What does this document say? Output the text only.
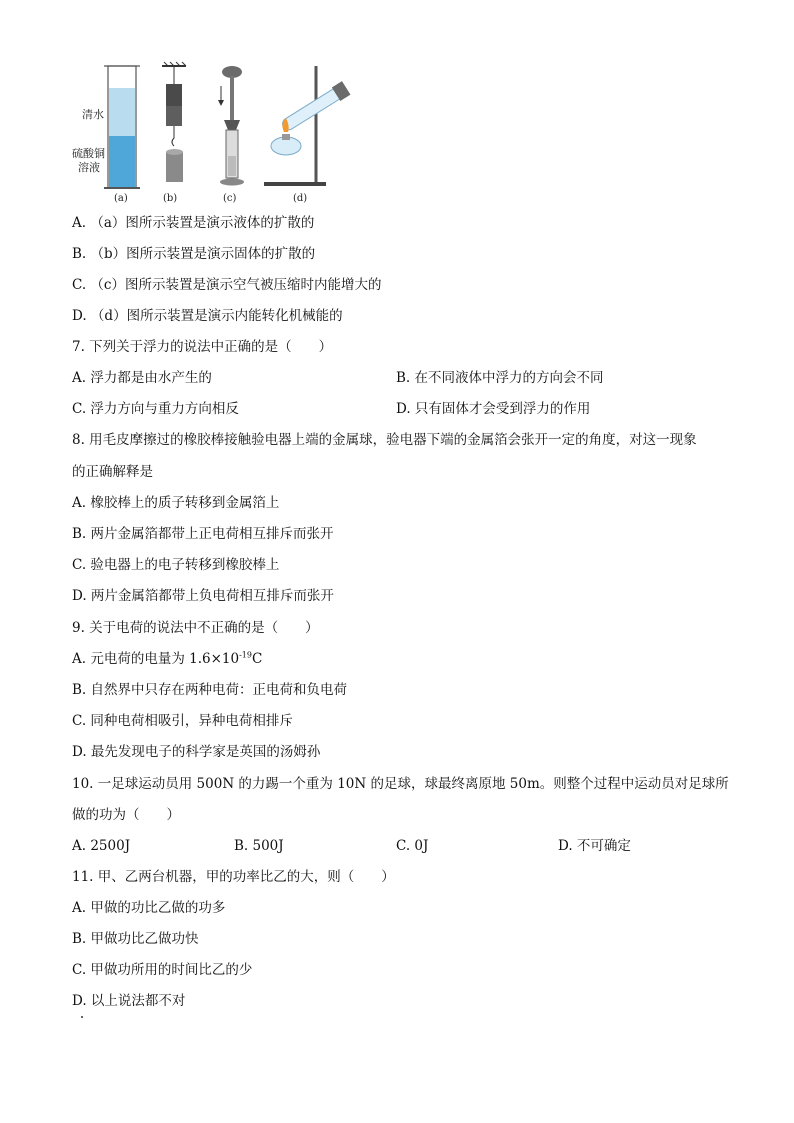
清水
硫酸铜
溶液
(a)	(b)	(c)	(d)
A. （a）图所示装置是演示液体的扩散的
B. （b）图所示装置是演示固体的扩散的
C. （c）图所示装置是演示空气被压缩时内能增大的
D. （d）图所示装置是演示内能转化机械能的
7. 下列关于浮力的说法中正确的是（　　）
A. 浮力都是由水产生的	B. 在不同液体中浮力的方向会不同
C. 浮力方向与重力方向相反	D. 只有固体才会受到浮力的作用
8. 用毛皮摩擦过的橡胶棒接触验电器上端的金属球，验电器下端的金属箔会张开一定的角度，对这一现象
的正确解释是
A. 橡胶棒上的质子转移到金属箔上
B. 两片金属箔都带上正电荷相互排斥而张开
C. 验电器上的电子转移到橡胶棒上
D. 两片金属箔都带上负电荷相互排斥而张开
9. 关于电荷的说法中不正确的是（　　）
A. 元电荷的电量为 $1.6\times 10^{-19}C$
B. 自然界中只存在两种电荷：正电荷和负电荷
C. 同种电荷相吸引，异种电荷相排斥
D. 最先发现电子的科学家是英国的汤姆孙
10. 一足球运动员用 500N 的力踢一个重为 10N 的足球，球最终离原地 50m。则整个过程中运动员对足球所
做的功为（　　）
A. 2500J	B. 500J	C. 0J	D. 不可确定
11. 甲、乙两台机器，甲的功率比乙的大，则（　　）
A. 甲做的功比乙做的功多
B. 甲做功比乙做功快
C. 甲做功所用的时间比乙的少
D. 以上说法都不对
